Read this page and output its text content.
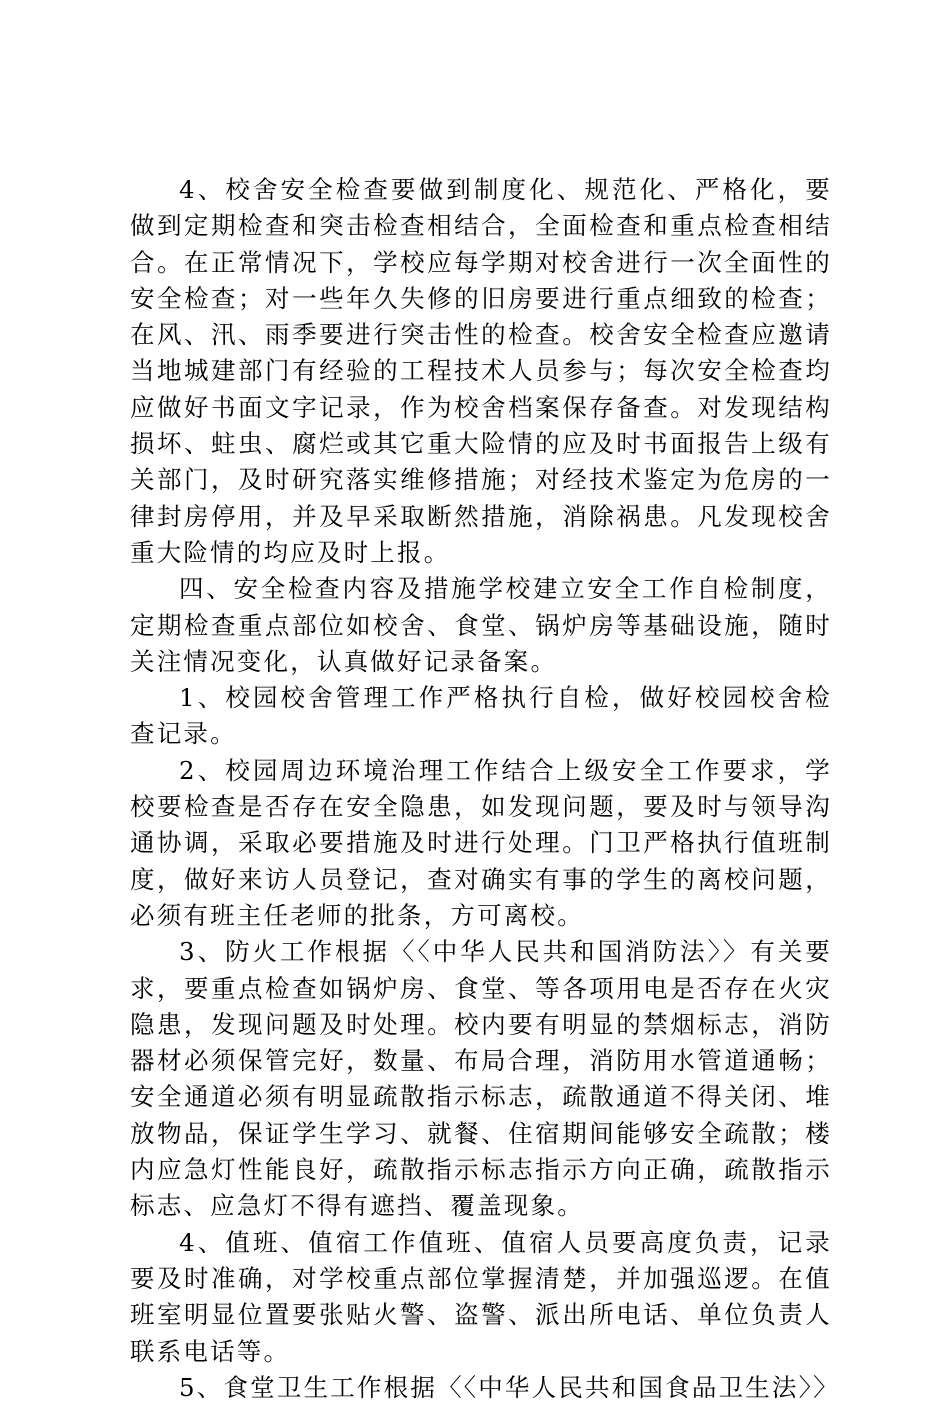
4、校舍安全检查要做到制度化、规范化、严格化，要做到定期检查和突击检查相结合，全面检查和重点检查相结合。在正常情况下，学校应每学期对校舍进行一次全面性的安全检查；对一些年久失修的旧房要进行重点细致的检查；在风、汛、雨季要进行突击性的检查。校舍安全检查应邀请当地城建部门有经验的工程技术人员参与；每次安全检查均应做好书面文字记录，作为校舍档案保存备查。对发现结构损坏、蛀虫、腐烂或其它重大险情的应及时书面报告上级有关部门，及时研究落实维修措施；对经技术鉴定为危房的一律封房停用，并及早采取断然措施，消除祸患。凡发现校舍重大险情的均应及时上报。

四、安全检查内容及措施学校建立安全工作自检制度，定期检查重点部位如校舍、食堂、锅炉房等基础设施，随时关注情况变化，认真做好记录备案。

1、校园校舍管理工作严格执行自检，做好校园校舍检查记录。

2、校园周边环境治理工作结合上级安全工作要求，学校要检查是否存在安全隐患，如发现问题，要及时与领导沟通协调，采取必要措施及时进行处理。门卫严格执行值班制度，做好来访人员登记，查对确实有事的学生的离校问题，必须有班主任老师的批条，方可离校。

3、防火工作根据〈〈中华人民共和国消防法〉〉有关要求，要重点检查如锅炉房、食堂、等各项用电是否存在火灾隐患，发现问题及时处理。校内要有明显的禁烟标志，消防器材必须保管完好，数量、布局合理，消防用水管道通畅；安全通道必须有明显疏散指示标志，疏散通道不得关闭、堆放物品，保证学生学习、就餐、住宿期间能够安全疏散；楼内应急灯性能良好，疏散指示标志指示方向正确，疏散指示标志、应急灯不得有遮挡、覆盖现象。

4、值班、值宿工作值班、值宿人员要高度负责，记录要及时准确，对学校重点部位掌握清楚，并加强巡逻。在值班室明显位置要张贴火警、盗警、派出所电话、单位负责人联系电话等。

5、食堂卫生工作根据〈〈中华人民共和国食品卫生法〉〉
